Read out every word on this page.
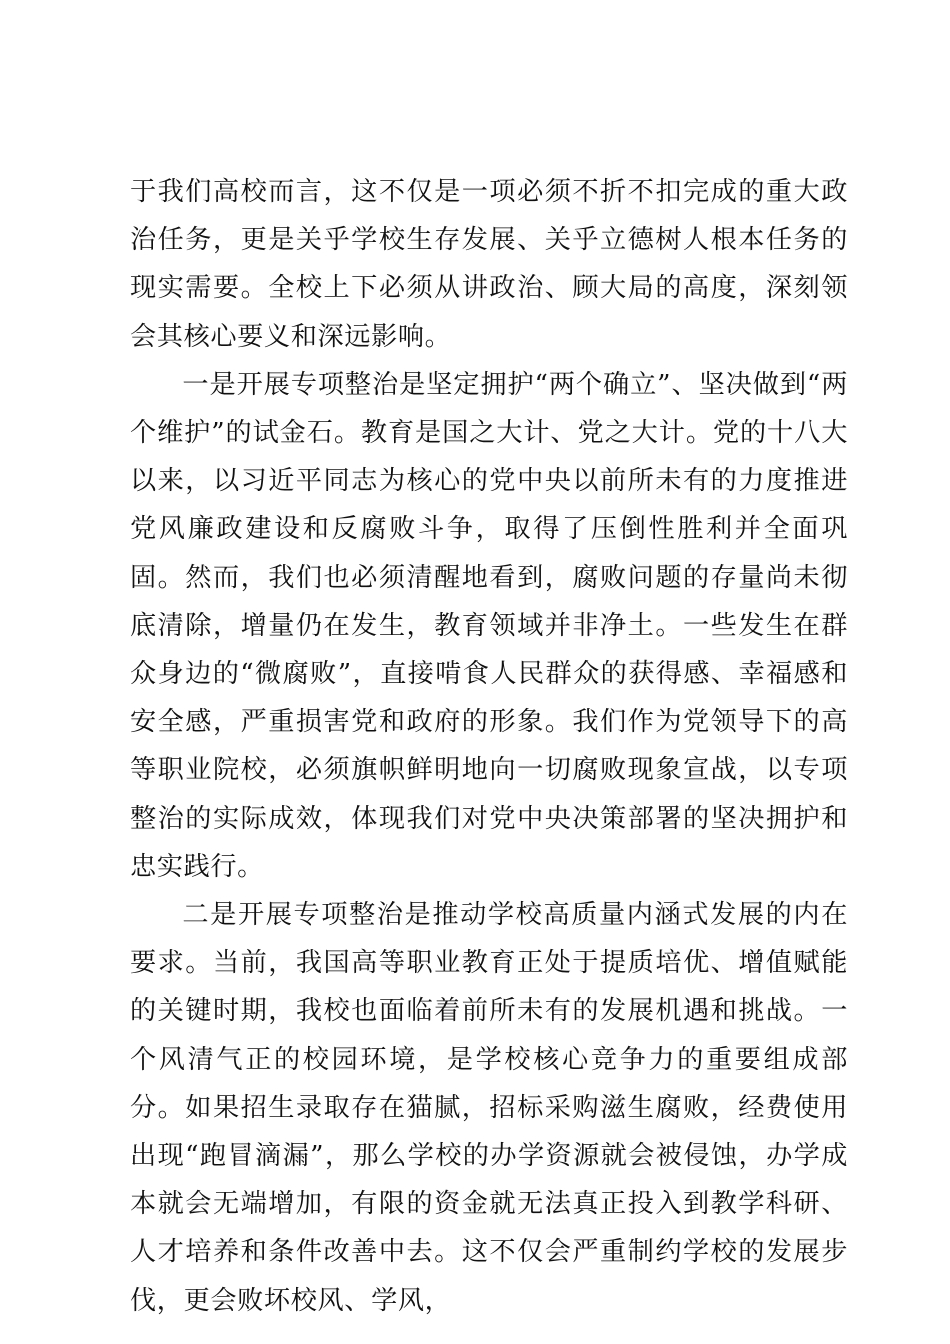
于我们高校而言，这不仅是一项必须不折不扣完成的重大政治任务，更是关乎学校生存发展、关乎立德树人根本任务的现实需要。全校上下必须从讲政治、顾大局的高度，深刻领会其核心要义和深远影响。

一是开展专项整治是坚定拥护“两个确立”、坚决做到“两个维护”的试金石。教育是国之大计、党之大计。党的十八大以来，以习近平同志为核心的党中央以前所未有的力度推进党风廉政建设和反腐败斗争，取得了压倒性胜利并全面巩固。然而，我们也必须清醒地看到，腐败问题的存量尚未彻底清除，增量仍在发生，教育领域并非净土。一些发生在群众身边的“微腐败”，直接啃食人民群众的获得感、幸福感和安全感，严重损害党和政府的形象。我们作为党领导下的高等职业院校，必须旗帜鲜明地向一切腐败现象宣战，以专项整治的实际成效，体现我们对党中央决策部署的坚决拥护和忠实践行。

二是开展专项整治是推动学校高质量内涵式发展的内在要求。当前，我国高等职业教育正处于提质培优、增值赋能的关键时期，我校也面临着前所未有的发展机遇和挑战。一个风清气正的校园环境，是学校核心竞争力的重要组成部分。如果招生录取存在猫腻，招标采购滋生腐败，经费使用出现“跑冒滴漏”，那么学校的办学资源就会被侵蚀，办学成本就会无端增加，有限的资金就无法真正投入到教学科研、人才培养和条件改善中去。这不仅会严重制约学校的发展步伐，更会败坏校风、学风，
